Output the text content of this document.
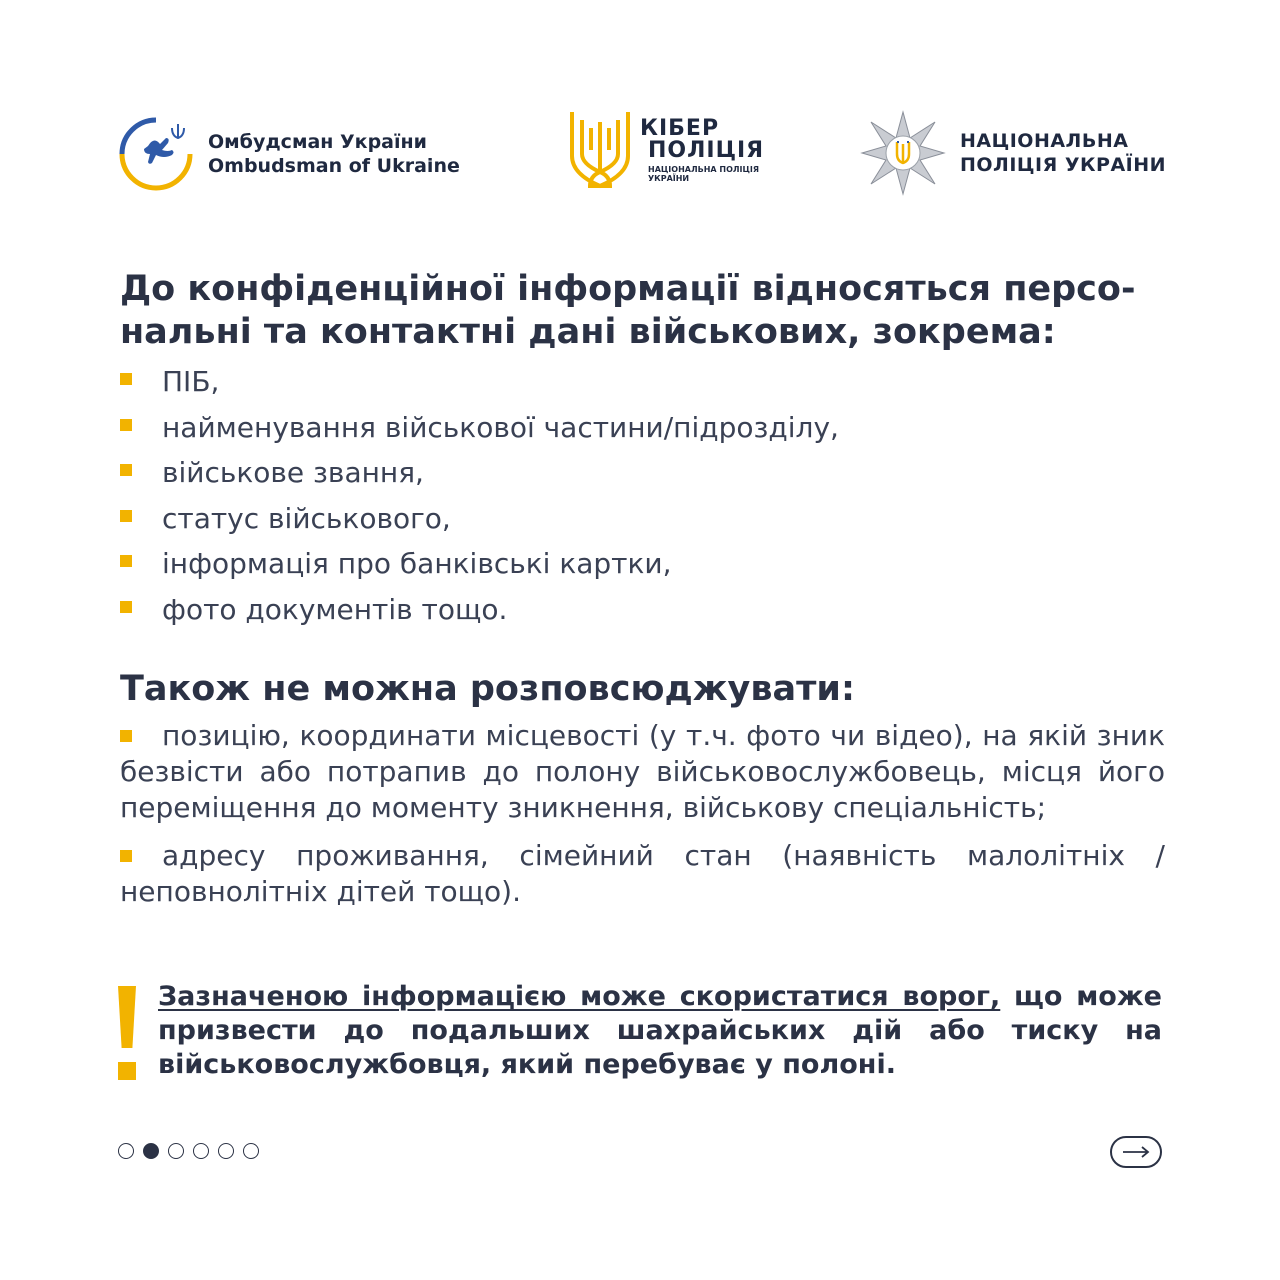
Омбудсман України
Ombudsman of Ukraine
КІБЕР
ПОЛІЦІЯ
НАЦІОНАЛЬНА ПОЛІЦІЯ
УКРАЇНИ
НАЦІОНАЛЬНА
ПОЛІЦІЯ УКРАЇНИ
До конфіденційної інформації відносяться персо-нальні та контактні дані військових, зокрема:
ПІБ,
найменування військової частини/підрозділу,
військове звання,
статус військового,
інформація про банківські картки,
фото документів тощо.
Також не можна розповсюджувати:
позицію, координати місцевості (у т.ч. фото чи відео), на якій зник безвісти або потрапив до полону військовослужбовець, місця його переміщення до моменту зникнення, військову спеціальність;
адресу проживання, сімейний стан (наявність малолітніх / неповнолітніх дітей тощо).
Зазначеною інформацією може скористатися ворог, що може призвести до подальших шахрайських дій або тиску на військовослужбовця, який перебуває у полоні.
